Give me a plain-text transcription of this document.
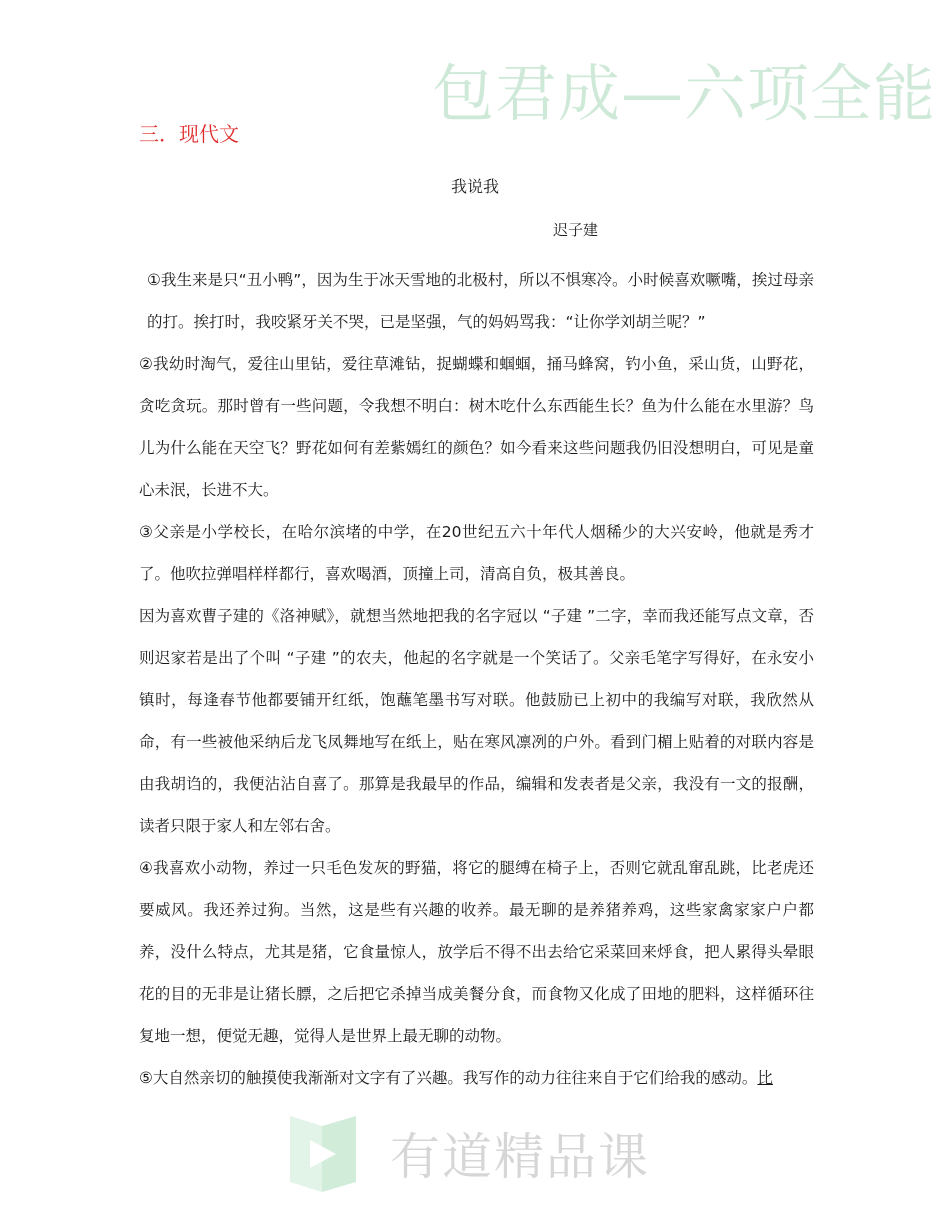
包君成—六项全能
三．现代文
我说我
迟子建

①我生来是只“丑小鸭”，因为生于冰天雪地的北极村，所以不惧寒冷。小时候喜欢噘嘴，挨过母亲的打。挨打时，我咬紧牙关不哭，已是坚强，气的妈妈骂我：“让你学刘胡兰呢？”

②我幼时淘气，爱往山里钻，爱往草滩钻，捉蝴蝶和蝈蝈，捅马蜂窝，钓小鱼，采山货，山野花，贪吃贪玩。那时曾有一些问题，令我想不明白：树木吃什么东西能生长？鱼为什么能在水里游？鸟儿为什么能在天空飞？野花如何有差紫嫣红的颜色？如今看来这些问题我仍旧没想明白，可见是童心未泯，长进不大。

③父亲是小学校长，在哈尔滨堵的中学，在20世纪五六十年代人烟稀少的大兴安岭，他就是秀才了。他吹拉弹唱样样都行，喜欢喝酒，顶撞上司，清高自负，极其善良。

因为喜欢曹子建的《洛神赋》，就想当然地把我的名字冠以 “子建 ”二字，幸而我还能写点文章，否则迟家若是出了个叫 “子建 ”的农夫，他起的名字就是一个笑话了。父亲毛笔字写得好，在永安小镇时，每逢春节他都要铺开红纸，饱蘸笔墨书写对联。他鼓励已上初中的我编写对联，我欣然从命，有一些被他采纳后龙飞凤舞地写在纸上，贴在寒风凛冽的户外。看到门楣上贴着的对联内容是由我胡诌的，我便沾沾自喜了。那算是我最早的作品，编辑和发表者是父亲，我没有一文的报酬，读者只限于家人和左邻右舍。

④我喜欢小动物，养过一只毛色发灰的野猫，将它的腿缚在椅子上，否则它就乱窜乱跳，比老虎还要威风。我还养过狗。当然，这是些有兴趣的收养。最无聊的是养猪养鸡，这些家禽家家户户都养，没什么特点，尤其是猪，它食量惊人，放学后不得不出去给它采菜回来烀食，把人累得头晕眼花的目的无非是让猪长膘，之后把它杀掉当成美餐分食，而食物又化成了田地的肥料，这样循环往复地一想，便觉无趣，觉得人是世界上最无聊的动物。

⑤大自然亲切的触摸使我渐渐对文字有了兴趣。我写作的动力往往来自于它们给我的感动。比

有道精品课
